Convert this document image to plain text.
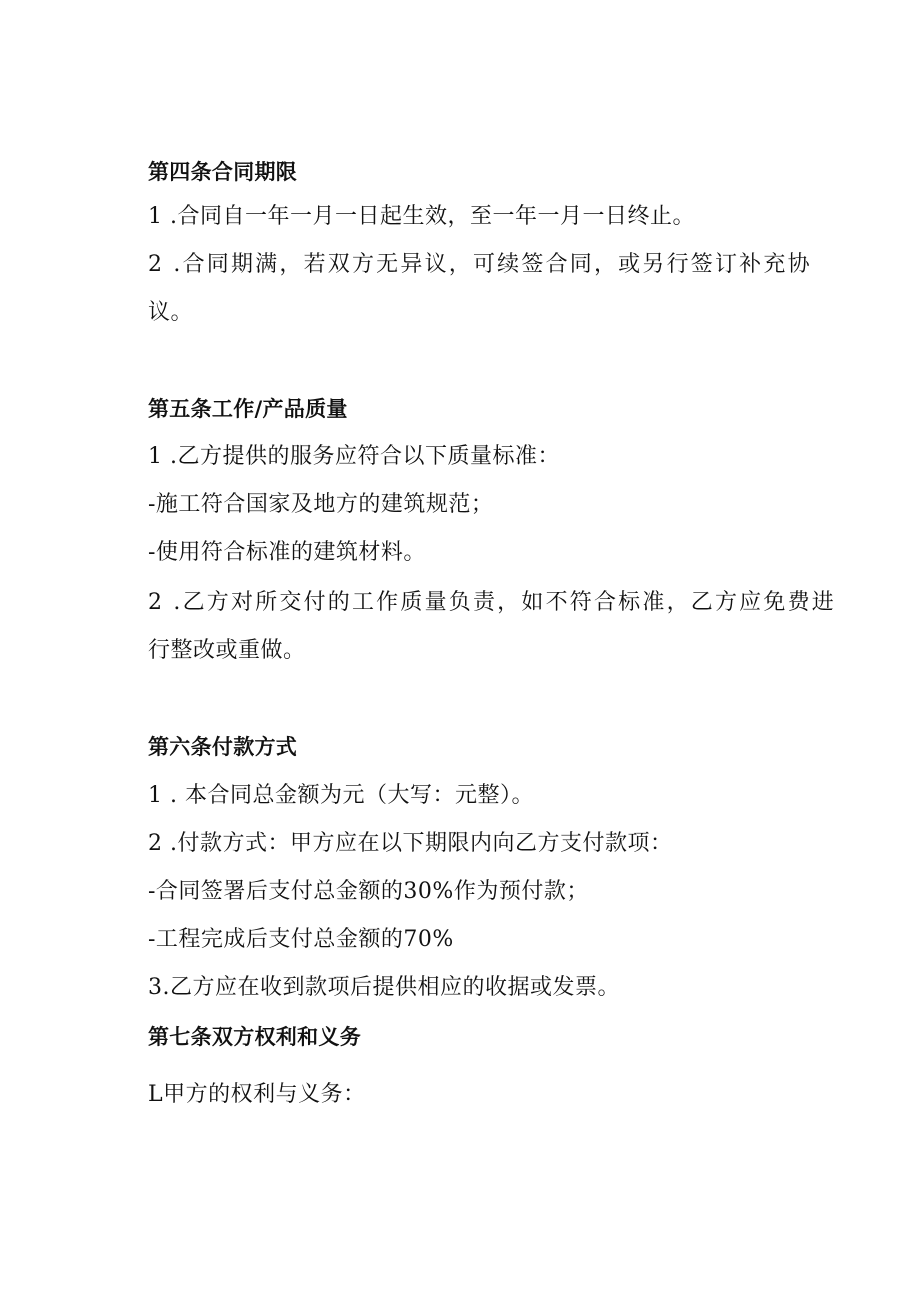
第四条合同期限
1 .合同自一年一月一日起生效，至一年一月一日终止。
2 .合同期满，若双方无异议，可续签合同，或另行签订补充协
议。
第五条工作/产品质量
1 .乙方提供的服务应符合以下质量标准：
-施工符合国家及地方的建筑规范；
-使用符合标准的建筑材料。
2 .乙方对所交付的工作质量负责，如不符合标准，乙方应免费进
行整改或重做。
第六条付款方式
1 . 本合同总金额为元（大写：元整）。
2 .付款方式：甲方应在以下期限内向乙方支付款项：
-合同签署后支付总金额的30%作为预付款；
-工程完成后支付总金额的70%
3.乙方应在收到款项后提供相应的收据或发票。
第七条双方权利和义务
L甲方的权利与义务：
